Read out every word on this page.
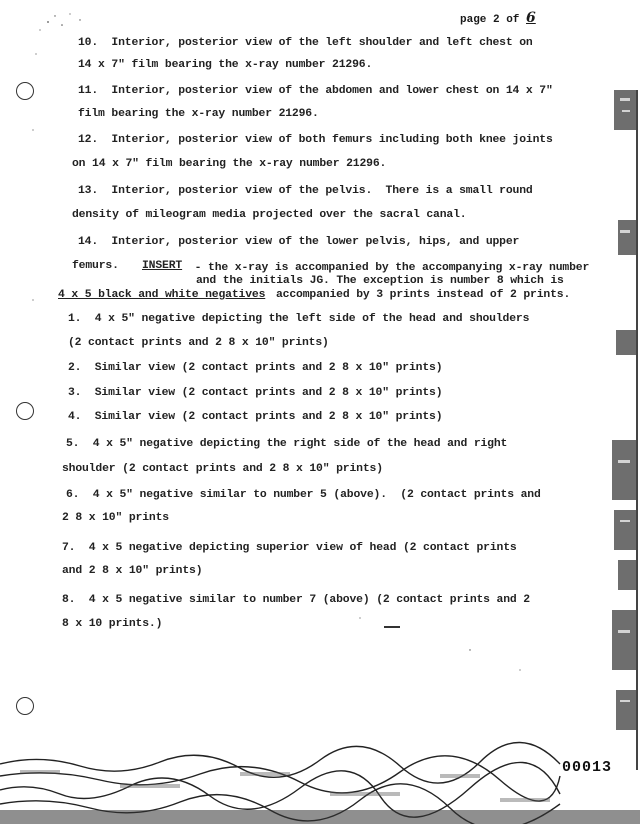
page 2 of 6
10.  Interior, posterior view of the left shoulder and left chest on
14 x 7" film bearing the x-ray number 21296.
11.  Interior, posterior view of the abdomen and lower chest on 14 x 7"
film bearing the x-ray number 21296.
12.  Interior, posterior view of both femurs including both knee joints
on 14 x 7" film bearing the x-ray number 21296.
13.  Interior, posterior view of the pelvis.  There is a small round
density of mileogram media projected over the sacral canal.
14.  Interior, posterior view of the lower pelvis, hips, and upper
femurs. INSERT - the x-ray is accompanied by the accompanying x-ray number
and the initials JG. The exception is number 8 which is
4 x 5 black and white negatives accompanied by 3 prints instead of 2 prints.
1.  4 x 5" negative depicting the left side of the head and shoulders
(2 contact prints and 2 8 x 10" prints)
2.  Similar view (2 contact prints and 2 8 x 10" prints)
3.  Similar view (2 contact prints and 2 8 x 10" prints)
4.  Similar view (2 contact prints and 2 8 x 10" prints)
5.  4 x 5" negative depicting the right side of the head and right
shoulder (2 contact prints and 2 8 x 10" prints)
6.  4 x 5" negative similar to number 5 (above).  (2 contact prints and
2 8 x 10" prints
7.  4 x 5 negative depicting superior view of head (2 contact prints
and 2 8 x 10" prints)
8.  4 x 5 negative similar to number 7 (above) (2 contact prints and 2
8 x 10 prints.)
00013
